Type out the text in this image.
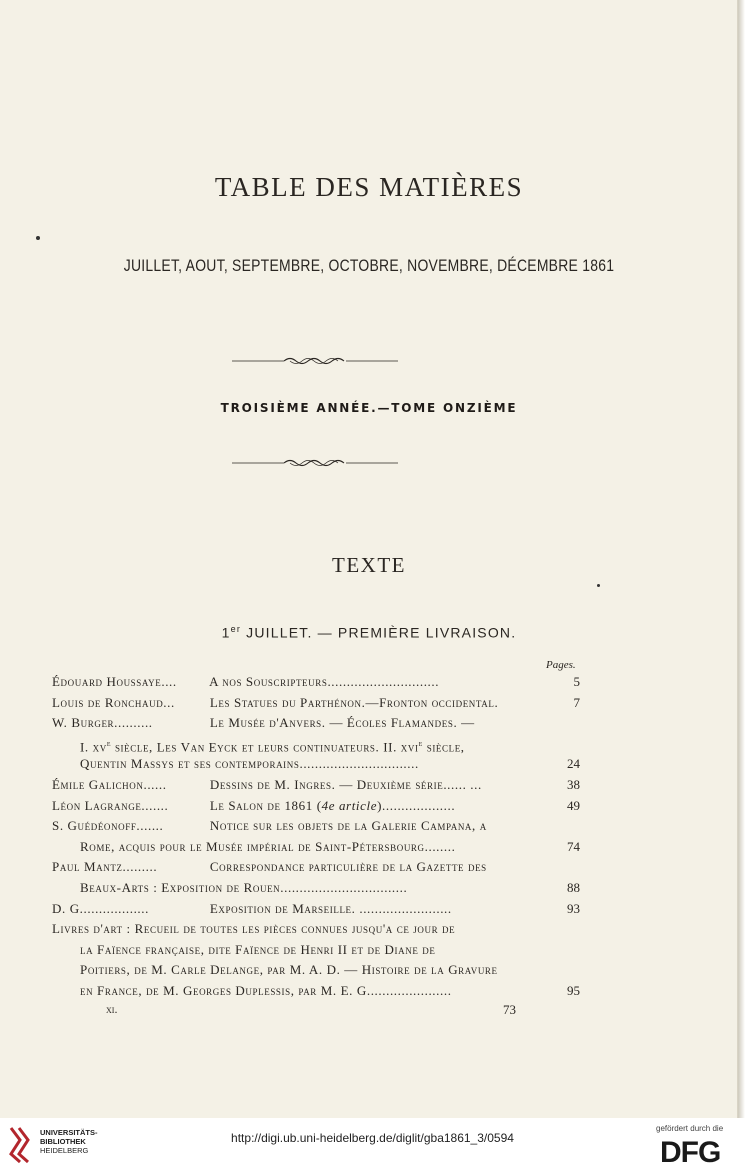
TABLE DES MATIÈRES
JUILLET, AOUT, SEPTEMBRE, OCTOBRE, NOVEMBRE, DÉCEMBRE 1861
TROISIÈME ANNÉE.—TOME ONZIÈME
TEXTE
1er JUILLET. — PREMIÈRE LIVRAISON.
Pages.
Édouard Houssaye.... A nos Souscripteurs.............................	5
Louis de Ronchaud... Les Statues du Parthénon.—Fronton occidental.	7
W. Burger..........	Le Musée d'Anvers. — Écoles Flamandes. —
I. $xv^e$ siècle, Les Van Eyck et leurs continuateurs. II. xvi$^e$ siècle,
Quentin Massys et ses contemporains...............................	24
Émile Galichon......	Dessins de M. Ingres. — Deuxième série...... ...	38
Léon Lagrange.......	Le Salon de 1861 (4e article)...................	49
S. Guédéonoff.......	Notice sur les objets de la Galerie Campana, a
Rome, acquis pour le Musée impérial de Saint-Pétersbourg........	74
Paul Mantz.........	Correspondance particulière de la Gazette des
Beaux-Arts : Exposition de Rouen.................................	88
D. G..................	Exposition de Marseille. ........................	93
Livres d'art : Recueil de toutes les pièces connues jusqu'a ce jour de
la Faïence française, dite Faïence de Henri II et de Diane de
Poitiers, de M. Carle Delange, par M. A. D. — Histoire de la Gravure
en France, de M. Georges Duplessis, par M. E. G......................	95
xi.	73
UNIVERSITÄTS-
BIBLIOTHEK
HEIDELBERG
http://digi.ub.uni-heidelberg.de/diglit/gba1861_3/0594
gefördert durch die
DFG
